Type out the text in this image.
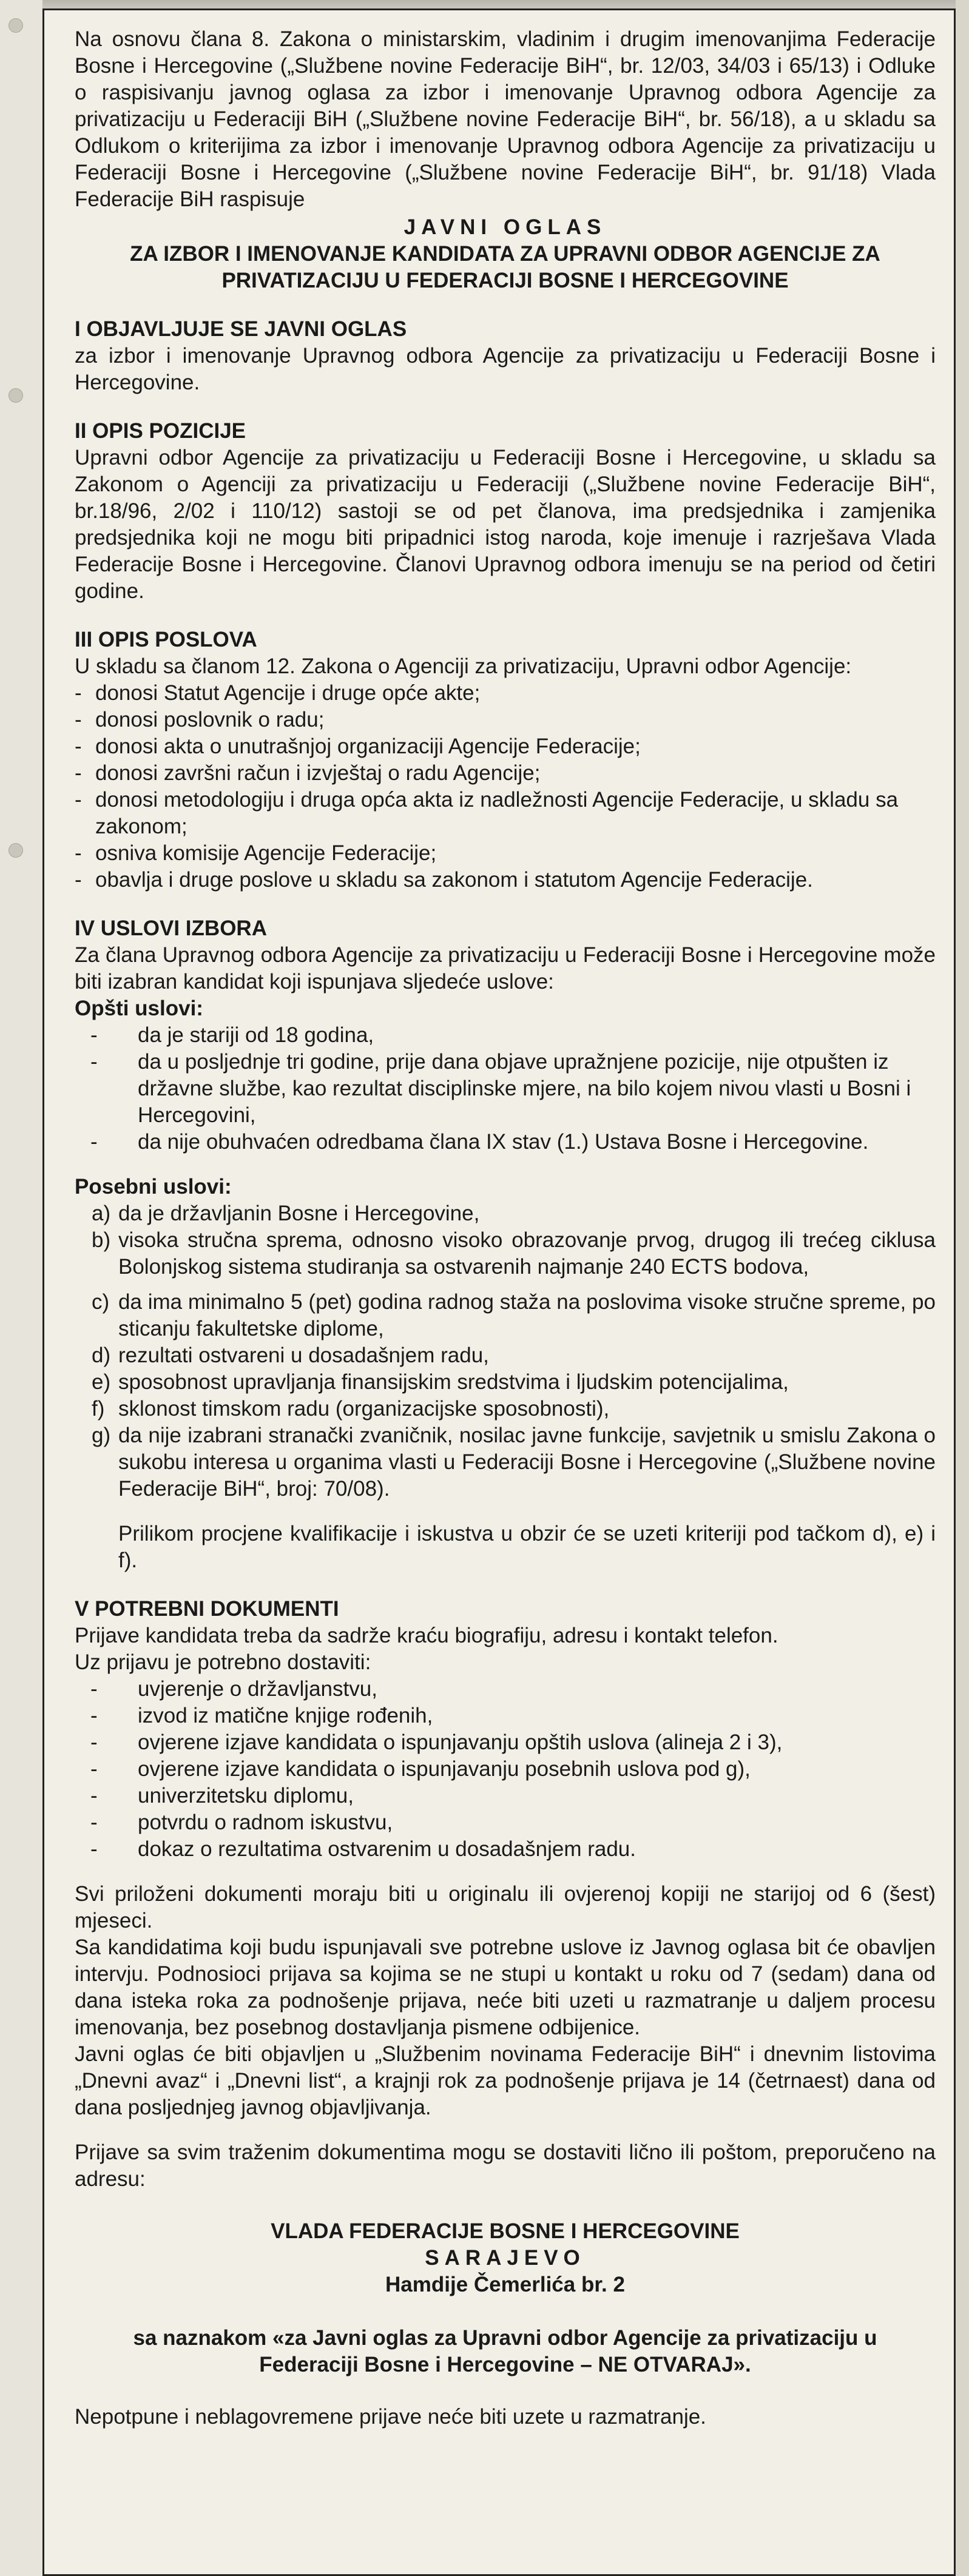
Na osnovu člana 8. Zakona o ministarskim, vladinim i drugim imenovanjima Federacije Bosne i Hercegovine („Službene novine Federacije BiH“, br. 12/03, 34/03 i 65/13) i Odluke o raspisivanju javnog oglasa za izbor i imenovanje Upravnog odbora Agencije za privatizaciju u Federaciji BiH („Službene novine Federacije BiH“, br. 56/18), a u skladu sa Odlukom o kriterijima za izbor i imenovanje Upravnog odbora Agencije za privatizaciju u Federaciji Bosne i Hercegovine („Službene novine Federacije BiH“, br. 91/18) Vlada Federacije BiH raspisuje

JAVNI OGLAS

ZA IZBOR I IMENOVANJE KANDIDATA ZA UPRAVNI ODBOR AGENCIJE ZA PRIVATIZACIJU U FEDERACIJI BOSNE I HERCEGOVINE

I OBJAVLJUJE SE JAVNI OGLAS

za izbor i imenovanje Upravnog odbora Agencije za privatizaciju u Federaciji Bosne i Hercegovine.

II OPIS POZICIJE

Upravni odbor Agencije za privatizaciju u Federaciji Bosne i Hercegovine, u skladu sa Zakonom o Agenciji za privatizaciju u Federaciji („Službene novine Federacije BiH“, br.18/96, 2/02 i 110/12) sastoji se od pet članova, ima predsjednika i zamjenika predsjednika koji ne mogu biti pripadnici istog naroda, koje imenuje i razrješava Vlada Federacije Bosne i Hercegovine. Članovi Upravnog odbora imenuju se na period od četiri godine.

III OPIS POSLOVA

U skladu sa članom 12. Zakona o Agenciji za privatizaciju, Upravni odbor Agencije:

- donosi Statut Agencije i druge opće akte;
- donosi poslovnik o radu;
- donosi akta o unutrašnjoj organizaciji Agencije Federacije;
- donosi završni račun i izvještaj o radu Agencije;
- donosi metodologiju i druga opća akta iz nadležnosti Agencije Federacije, u skladu sa zakonom;
- osniva komisije Agencije Federacije;
- obavlja i druge poslove u skladu sa zakonom i statutom Agencije Federacije.

IV USLOVI IZBORA

Za člana Upravnog odbora Agencije za privatizaciju u Federaciji Bosne i Hercegovine može biti izabran kandidat koji ispunjava sljedeće uslove:

Opšti uslovi:

- da je stariji od 18 godina,
- da u posljednje tri godine, prije dana objave upražnjene pozicije, nije otpušten iz državne službe, kao rezultat disciplinske mjere, na bilo kojem nivou vlasti u Bosni i Hercegovini,
- da nije obuhvaćen odredbama člana IX stav (1.) Ustava Bosne i Hercegovine.

Posebni uslovi:

a) da je državljanin Bosne i Hercegovine,
b) visoka stručna sprema, odnosno visoko obrazovanje prvog, drugog ili trećeg ciklusa Bolonjskog sistema studiranja sa ostvarenih najmanje 240 ECTS bodova,
c) da ima minimalno 5 (pet) godina radnog staža na poslovima visoke stručne spreme, po sticanju fakultetske diplome,
d) rezultati ostvareni u dosadašnjem radu,
e) sposobnost upravljanja finansijskim sredstvima i ljudskim potencijalima,
f) sklonost timskom radu (organizacijske sposobnosti),
g) da nije izabrani stranački zvaničnik, nosilac javne funkcije, savjetnik u smislu Zakona o sukobu interesa u organima vlasti u Federaciji Bosne i Hercegovine („Službene novine Federacije BiH“, broj: 70/08).

Prilikom procjene kvalifikacije i iskustva u obzir će se uzeti kriteriji pod tačkom d), e) i f).

V POTREBNI DOKUMENTI

Prijave kandidata treba da sadrže kraću biografiju, adresu i kontakt telefon.

Uz prijavu je potrebno dostaviti:

- uvjerenje o državljanstvu,
- izvod iz matične knjige rođenih,
- ovjerene izjave kandidata o ispunjavanju opštih uslova (alineja 2 i 3),
- ovjerene izjave kandidata o ispunjavanju posebnih uslova pod g),
- univerzitetsku diplomu,
- potvrdu o radnom iskustvu,
- dokaz o rezultatima ostvarenim u dosadašnjem radu.

Svi priloženi dokumenti moraju biti u originalu ili ovjerenoj kopiji ne starijoj od 6 (šest) mjeseci.

Sa kandidatima koji budu ispunjavali sve potrebne uslove iz Javnog oglasa bit će obavljen intervju. Podnosioci prijava sa kojima se ne stupi u kontakt u roku od 7 (sedam) dana od dana isteka roka za podnošenje prijava, neće biti uzeti u razmatranje u daljem procesu imenovanja, bez posebnog dostavljanja pismene odbijenice.

Javni oglas će biti objavljen u „Službenim novinama Federacije BiH“ i dnevnim listovima „Dnevni avaz“ i „Dnevni list“, a krajnji rok za podnošenje prijava je 14 (četrnaest) dana od dana posljednjeg javnog objavljivanja.

Prijave sa svim traženim dokumentima mogu se dostaviti lično ili poštom, preporučeno na adresu:

VLADA FEDERACIJE BOSNE I HERCEGOVINE

SARAJEVO

Hamdije Čemerlića br. 2

sa naznakom «za Javni oglas za Upravni odbor Agencije za privatizaciju u Federaciji Bosne i Hercegovine – NE OTVARAJ».

Nepotpune i neblagovremene prijave neće biti uzete u razmatranje.
